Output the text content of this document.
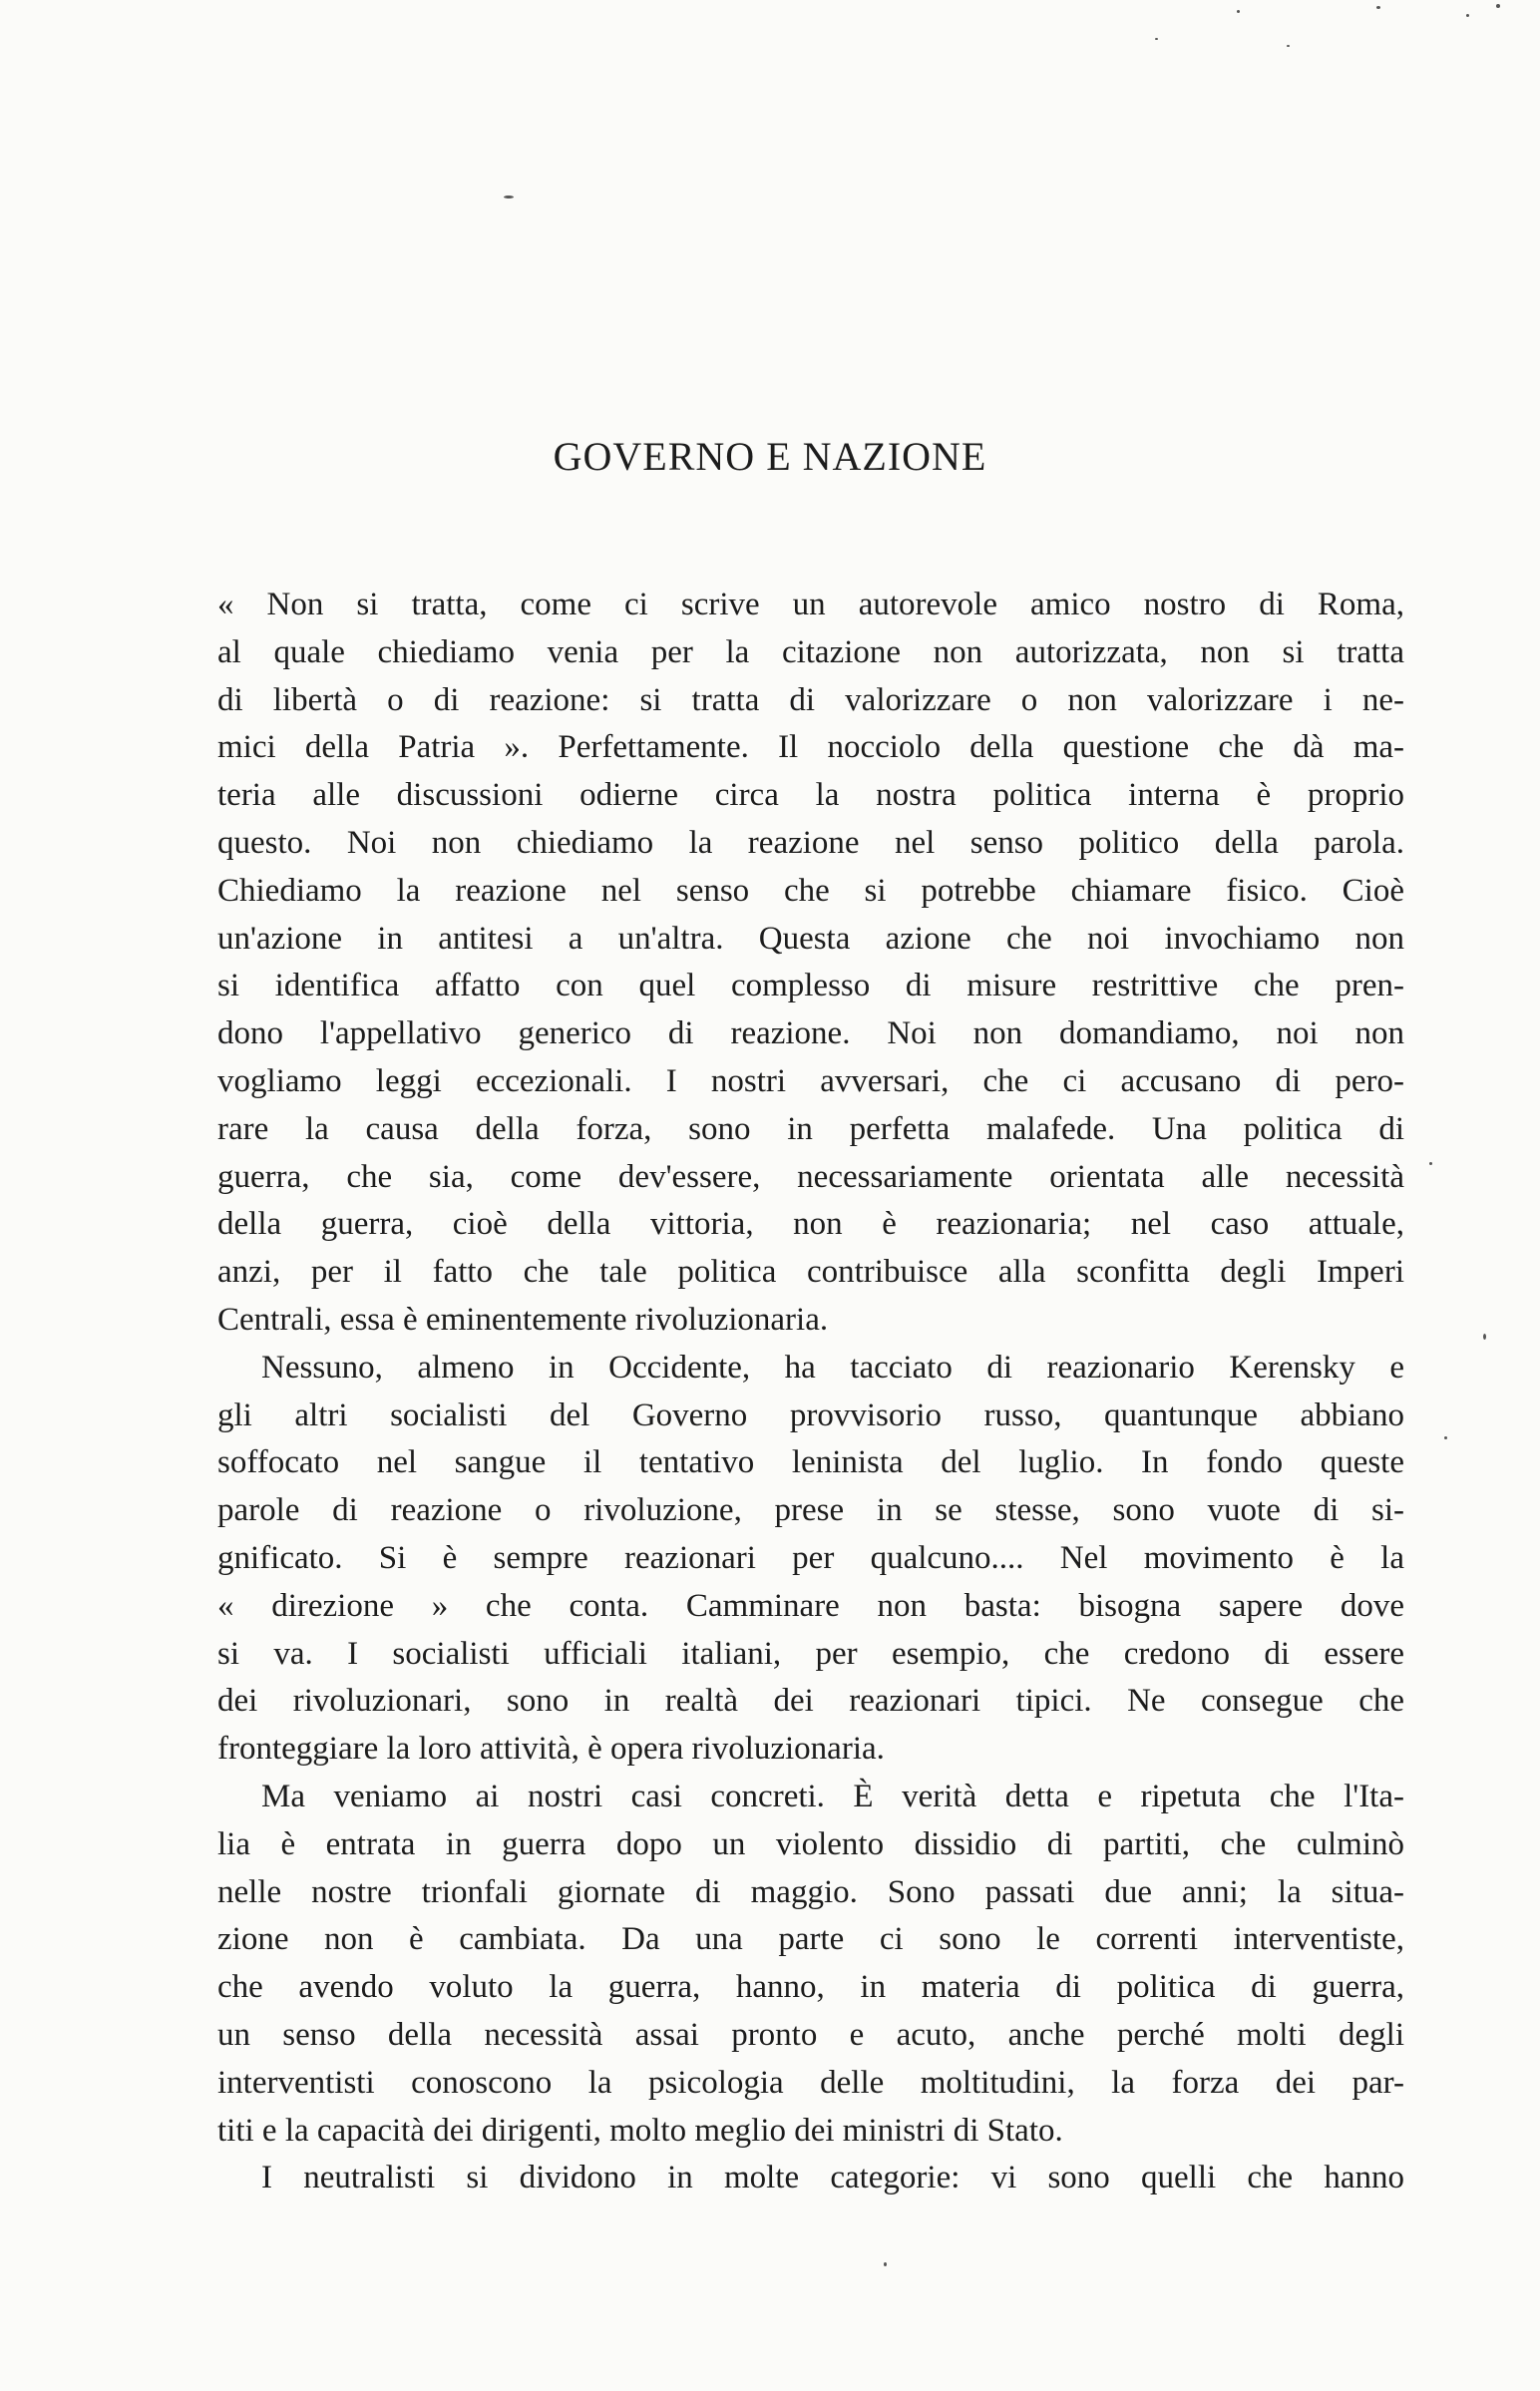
GOVERNO E NAZIONE
« Non si tratta, come ci scrive un autorevole amico nostro di Roma,
al quale chiediamo venia per la citazione non autorizzata, non si tratta
di libertà o di reazione: si tratta di valorizzare o non valorizzare i ne-
mici della Patria ». Perfettamente. Il nocciolo della questione che dà ma-
teria alle discussioni odierne circa la nostra politica interna è proprio
questo. Noi non chiediamo la reazione nel senso politico della parola.
Chiediamo la reazione nel senso che si potrebbe chiamare fisico. Cioè
un'azione in antitesi a un'altra. Questa azione che noi invochiamo non
si identifica affatto con quel complesso di misure restrittive che pren-
dono l'appellativo generico di reazione. Noi non domandiamo, noi non
vogliamo leggi eccezionali. I nostri avversari, che ci accusano di pero-
rare la causa della forza, sono in perfetta malafede. Una politica di
guerra, che sia, come dev'essere, necessariamente orientata alle necessità
della guerra, cioè della vittoria, non è reazionaria; nel caso attuale,
anzi, per il fatto che tale politica contribuisce alla sconfitta degli Imperi
Centrali, essa è eminentemente rivoluzionaria.
Nessuno, almeno in Occidente, ha tacciato di reazionario Kerensky e
gli altri socialisti del Governo provvisorio russo, quantunque abbiano
soffocato nel sangue il tentativo leninista del luglio. In fondo queste
parole di reazione o rivoluzione, prese in se stesse, sono vuote di si-
gnificato. Si è sempre reazionari per qualcuno.... Nel movimento è la
« direzione » che conta. Camminare non basta: bisogna sapere dove
si va. I socialisti ufficiali italiani, per esempio, che credono di essere
dei rivoluzionari, sono in realtà dei reazionari tipici. Ne consegue che
fronteggiare la loro attività, è opera rivoluzionaria.
Ma veniamo ai nostri casi concreti. È verità detta e ripetuta che l'Ita-
lia è entrata in guerra dopo un violento dissidio di partiti, che culminò
nelle nostre trionfali giornate di maggio. Sono passati due anni; la situa-
zione non è cambiata. Da una parte ci sono le correnti interventiste,
che avendo voluto la guerra, hanno, in materia di politica di guerra,
un senso della necessità assai pronto e acuto, anche perché molti degli
interventisti conoscono la psicologia delle moltitudini, la forza dei par-
titi e la capacità dei dirigenti, molto meglio dei ministri di Stato.
I neutralisti si dividono in molte categorie: vi sono quelli che hanno
